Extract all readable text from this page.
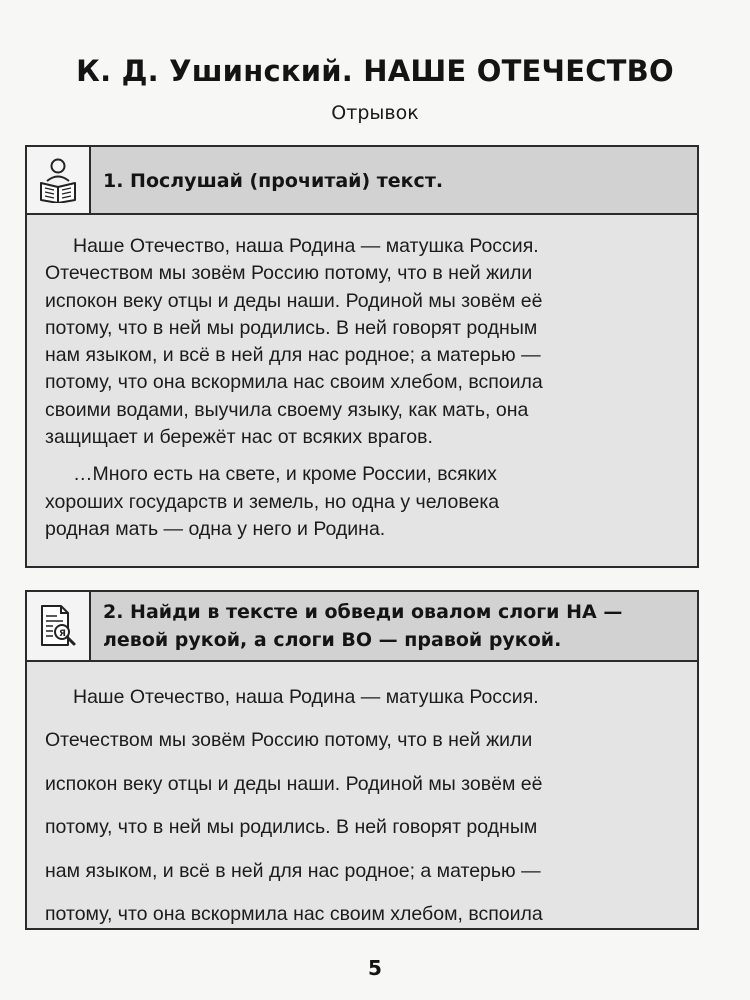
К. Д. Ушинский. НАШЕ ОТЕЧЕСТВО
Отрывок
1. Послушай (прочитай) текст.
Наше Отечество, наша Родина — матушка Россия.
Отечеством мы зовём Россию потому, что в ней жили
испокон веку отцы и деды наши. Родиной мы зовём её
потому, что в ней мы родились. В ней говорят родным
нам языком, и всё в ней для нас родное; а матерью —
потому, что она вскормила нас своим хлебом, вспоила
своими водами, выучила своему языку, как мать, она
защищает и бережёт нас от всяких врагов.
…Много есть на свете, и кроме России, всяких
хороших государств и земель, но одна у человека
родная мать — одна у него и Родина.
Я
2. Найди в тексте и обведи овалом слоги НА —
левой рукой, а слоги ВО — правой рукой.
Наше Отечество, наша Родина — матушка Россия.
Отечеством мы зовём Россию потому, что в ней жили
испокон веку отцы и деды наши. Родиной мы зовём её
потому, что в ней мы родились. В ней говорят родным
нам языком, и всё в ней для нас родное; а матерью —
потому, что она вскормила нас своим хлебом, вспоила
5
